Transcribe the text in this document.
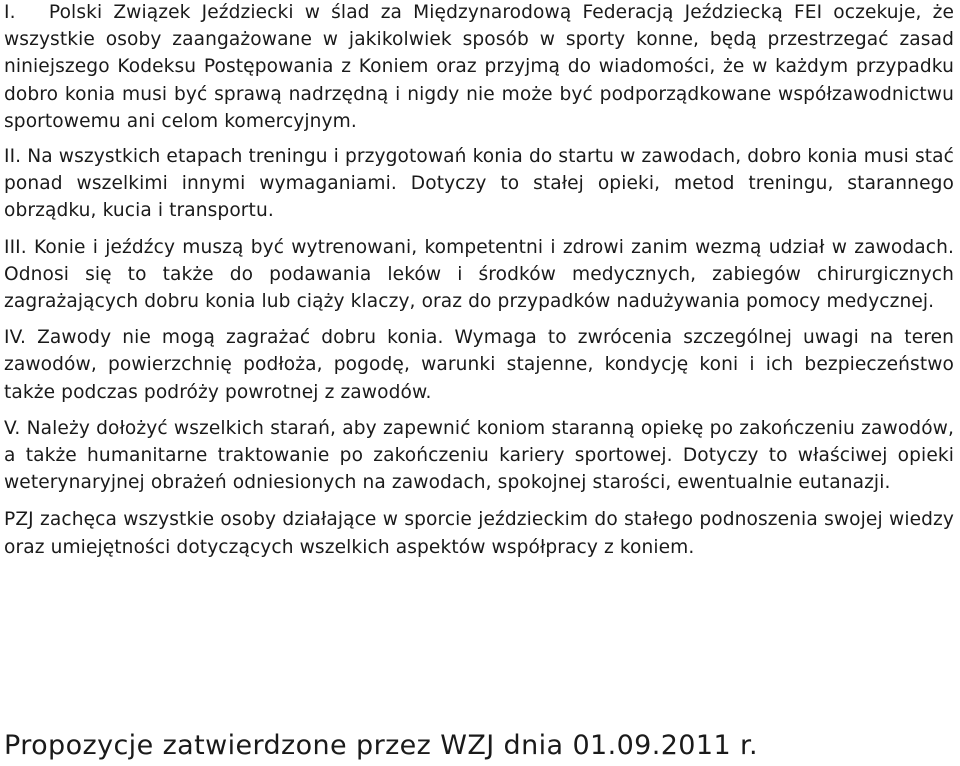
I. Polski Związek Jeździecki w ślad za Międzynarodową Federacją Jeździecką FEI oczekuje, że wszystkie osoby zaangażowane w jakikolwiek sposób w sporty konne, będą przestrzegać zasad niniejszego Kodeksu Postępowania z Koniem oraz przyjmą do wiadomości, że w każdym przypadku dobro konia musi być sprawą nadrzędną i nigdy nie może być podporządkowane współzawodnictwu sportowemu ani celom komercyjnym.

II. Na wszystkich etapach treningu i przygotowań konia do startu w zawodach, dobro konia musi stać ponad wszelkimi innymi wymaganiami. Dotyczy to stałej opieki, metod treningu, starannego obrządku, kucia i transportu.

III. Konie i jeźdźcy muszą być wytrenowani, kompetentni i zdrowi zanim wezmą udział w zawodach. Odnosi się to także do podawania leków i środków medycznych, zabiegów chirurgicznych zagrażających dobru konia lub ciąży klaczy, oraz do przypadków nadużywania pomocy medycznej.

IV. Zawody nie mogą zagrażać dobru konia. Wymaga to zwrócenia szczególnej uwagi na teren zawodów, powierzchnię podłoża, pogodę, warunki stajenne, kondycję koni i ich bezpieczeństwo także podczas podróży powrotnej z zawodów.

V. Należy dołożyć wszelkich starań, aby zapewnić koniom staranną opiekę po zakończeniu zawodów, a także humanitarne traktowanie po zakończeniu kariery sportowej. Dotyczy to właściwej opieki weterynaryjnej obrażeń odniesionych na zawodach, spokojnej starości, ewentualnie eutanazji.

PZJ zachęca wszystkie osoby działające w sporcie jeździeckim do stałego podnoszenia swojej wiedzy oraz umiejętności dotyczących wszelkich aspektów współpracy z koniem.

Propozycje zatwierdzone przez WZJ dnia 01.09.2011 r.
